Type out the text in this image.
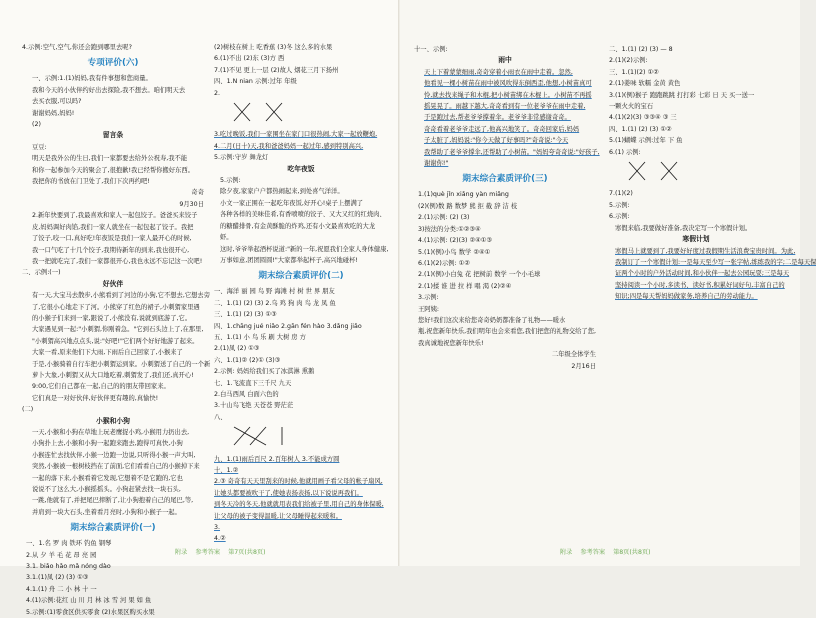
4.示例:空气,空气,你还会跑到哪里去呢?

专项评价(六)

一、示例:1.(1)妈妈,我有件事想和您商量。

我和今天的小伙伴约好出去探险,我不想去。咱们明天去

去买衣服,可以吗?

谢谢妈妈,妈妈!

(2)

留言条

豆豆:

明天是我外公的生日,我们一家都要去给外公祝寿,我不能

和你一起参加今天的聚会了,很抱歉!我已经帮你搬好东西。

我把你的书放在门卫处了,我们下次再约吧!

奇奇

9月30日

2.新年快要到了,我最喜欢和家人一起包饺子。爸爸买来饺子

皮,妈妈调好肉馅,我们一家人就坐在一起包起了饺子。我把

了饺子,咬一口,真好吃!年夜饭是我们一家人最开心的时候,

我一口气吃了十几个饺子,我期待新年的到来,我也很开心,

我一把就吃完了,我们一家都很开心,我也永远不忘记这一次吧!

二、示例:(一)

好伙伴

有一天,大宝马去散步,小熊看到了河边的小狗,它不想去,它想去旁

了,它很小心地走下了河。小熊穿了红色的裙子,小刺猬家里遇

的小猴子们来到一家,跟说了,小熊没有,说就到底游了,它。

大家遇见到一起:"小刺猬,你刚着急。"它到石头边上了,在那里,

"小刺猬高兴地点点头,说:"好吧!"它们两个好好地游了起来。

大家一看,原来他们下大雨,下雨后自己回家了,小猴来了

于是,小猴骑着自行车把小刺猬运到家。小刺猬送了自己的一个新

萝卜大象,小刺猬又从大口地吃着,刺猬发了,我们还,真开心!

9:00,它们自己都在一起,自己的的朋友带回家来。

它们真是一对好伙伴,好伙伴更有趣的,真愉快!

(二)

小猴和小狗

一天,小猴和小狗在草地上玩老鹰捉小鸡,小猴用力扔出去,

小狗扑上去,小猴和小狗一起跑来跑去,跑得可真快,小狗

小猴连忙去找伙伴,小猴一边跑一边说,只听得小猴一声大叫,

突然,小猴被一根树枝挡在了前面,它们看看自己的小猴掉下来

一起的落下来,小猴看着它发现,它想着不是它跑的,它也

说说不了这么大,小猴摇摇头。小狗赶紧去找一块石头,

一跳,他就有了,并把尾巴摔断了,让小狗抱着自己的尾巴,等,

并肩到一块大石头,坐着看月亮时,小狗和小猴子一起。

期末综合素质评价(一)

一、1.名 罗 肉 铁环 钓鱼 钢琴

2.从 夕 羊 毛 花 昂 亮 园

3.1. biǎo hǎo mǎ nóng dào

3.1.(1)凤 (2) (3) ①③

4.1.(1) 舟 二 小 林 十 一

4.(1)示例:花红 山 川 月 林 冰 雪 河 果 如 鱼

5.示例:(1)零食区供买零食 (2)水果区购买水果

(2)树枝在树上 吃香蕉 (3)冬 这么多的水果

6.(1)不出 (2)东 (3)方 西

7.(1)不见 更上一层 (2)故人 烟花三月下扬州

四、1.N nian 示例:过年 年级

2.

3.吃过晚饭,我们一家围坐在家门口很热闹,大家一起放鞭炮,

4.二月(日十)天,我和爸爸妈妈一起过年,感到特别高兴,

5.示例:守岁 舞龙灯

吃年夜饭

5.示例:

除夕夜,家家户户都热闹起来,到处喜气洋洋。

小文一家正围在一起吃年夜饭,好开心!桌子上摆满了

各种各样的美味佳肴,有香喷喷的饺子、又大又红的红烧肉、

的糖醋排骨,有金黄酥脆的炸鸡,还有小文最喜欢吃的大龙

虾。

这时,爷爷举起酒杯说道:"新的一年,祝愿我们全家人身体健康,

万事如意,团团圆圆!"大家都举起杯子,高兴地碰杯!

期末综合素质评价(二)

一、海洋 丽 园 鸟 野 海滩 村 树 世 界 朋友

二、1.(1) (2) (3) 2.乌 鸡 狗 肉 鸟 龙 凤 鱼

三、1.(1) (2) (3) ①③

四、1.chāng jué niǎo 2.gān fén hào 3.dǎng jiǎo

五、1.(1) 小 鸟 乐 刷 大树 房 方

2.(1)凤 (2) ①③

六、1.(1)② (2)① (3)③

2.示例: 妈妈给我们买了冰淇淋 熏鹅

七、1.飞流直下三千尺 九天

2.白马西风 白面六色的

3.十山鸟飞绝 天苍苍 野茫茫

八、

九、1.(1)雨后百尺 2.百年树人 3.不能成方圆

十、1.②

2.③ 奇奇有天天里刮来的时候,他就用画子看父母的帐子扇风,

让她头都要被吹干了,使她表扬表扬,以下说说再我们。

到冬天冷的冬天,他就就用表我们给被子里,用自己的身体保暖,

让父母的被子变得温暖,让父母睡得起来暖和。

3.

4.②

附录 参考答案 第7页(共8页)

十一、示例:

雨中

天上下着蒙蒙细雨,奇奇穿着小雨衣在雨中走着。忽然,

他看见一棵小树苗在雨中被风吹得东倒西歪,他想,小树苗真可

怜,就去找来绳子和木棍,把小树苗绑在木棍上。小树苗不再摇

摇晃晃了。雨越下越大,奇奇看到有一位老爷爷在雨中走着,

于是跑过去,帮老爷爷撑着伞。老爷爷非常感谢奇奇。

奇奇看着老爷爷走远了,他高兴地笑了。奇奇回家后,妈妈

子太脏了,妈妈说:"你今天做了好事吗?"奇奇说:"今天

我帮助了老爷爷撑伞,还帮助了小树苗。"妈妈夸奇奇说:"好孩子,

谢谢你!"

期末综合素质评价(三)

1.(1)què jǐn xiǎng yàn miǎng

(2)(例)数 路 数梦 熊 拒 截 辞 洁 枝

2.(1)示例: (2) (3)

3)按法的分类:①②③④

4.(1)示例: (2)(3) ②④①③

5.(1)(例)小鸟 数学 ②④①

6.(1)(2)示例: ①②

2.(1)(例)小白兔 花 把树前 数学 一个小毛球

2.(1)揉 谁 进 拉 样 唱 渴 (2)②④

3.示例:

王阿姨:

您好!我们这次来给您奇奇奶奶都准备了礼物——暖水

瓶,祝您新年快乐,我们明年也会来看您,我们把您的礼物交给了您,

我真诚地祝您新年快乐!

二年级全体学生

2月16日

二、1.(1) (2) (3) — 8

2.(1)(2)示例:

三、1.(1)(2) ①②

2.(1)姜味 软糯 金黄 黄色

3.(1)(例)猴子 跑跑跳跳 打打彩 七彩 日 天 买一送一

一颗火火的宝石

4.(1)(2)(3) ③③④ ③ 三

四、1.(1) (2) (3) ①②

5.(1)蝴蝶 示例:过年 下 鱼

6.(1) 示例:

7.(1)(2)

5.示例:

6.示例:

寒假来临,我要做好准备,我决定写一个寒假计划。

寒假计划

寒假马上就要到了,我要好好度过我假期生活浪费宝贵时间。为此,

我制订了一个寒假计划:一是每天至少写一张字帖,练练我的字;二是每天保

证两个小时的户外活动时间,和小伙伴一起去公园玩耍;三是每天

坚持阅读一个小时,多读书、读好书,积累好词好句,丰富自己的

知识;四是每天帮妈妈做家务,培养自己的劳动能力。

附录 参考答案 第8页(共8页)
